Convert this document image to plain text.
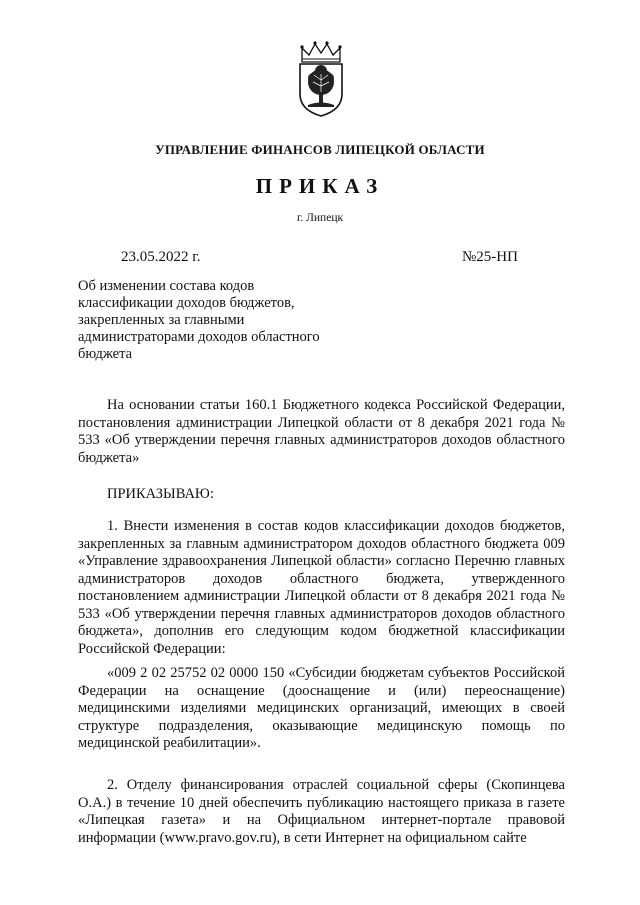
УПРАВЛЕНИЕ ФИНАНСОВ ЛИПЕЦКОЙ ОБЛАСТИ
ПРИКАЗ
г. Липецк
23.05.2022 г.	№25-НП
Об изменении состава кодов классификации доходов бюджетов, закрепленных за главными администраторами доходов областного бюджета

На основании статьи 160.1 Бюджетного кодекса Российской Федерации, постановления администрации Липецкой области от 8 декабря 2021 года № 533 «Об утверждении перечня главных администраторов доходов областного бюджета»

ПРИКАЗЫВАЮ:

1. Внести изменения в состав кодов классификации доходов бюджетов, закрепленных за главным администратором доходов областного бюджета 009 «Управление здравоохранения Липецкой области» согласно Перечню главных администраторов доходов областного бюджета, утвержденного постановлением администрации Липецкой области от 8 декабря 2021 года № 533 «Об утверждении перечня главных администраторов доходов областного бюджета», дополнив его следующим кодом бюджетной классификации Российской Федерации:

«009 2 02 25752 02 0000 150 «Субсидии бюджетам субъектов Российской Федерации на оснащение (дооснащение и (или) переоснащение) медицинскими изделиями медицинских организаций, имеющих в своей структуре подразделения, оказывающие медицинскую помощь по медицинской реабилитации».

2. Отделу финансирования отраслей социальной сферы (Скопинцева О.А.) в течение 10 дней обеспечить публикацию настоящего приказа в газете «Липецкая газета» и на Официальном интернет-портале правовой информации (www.pravo.gov.ru), в сети Интернет на официальном сайте
